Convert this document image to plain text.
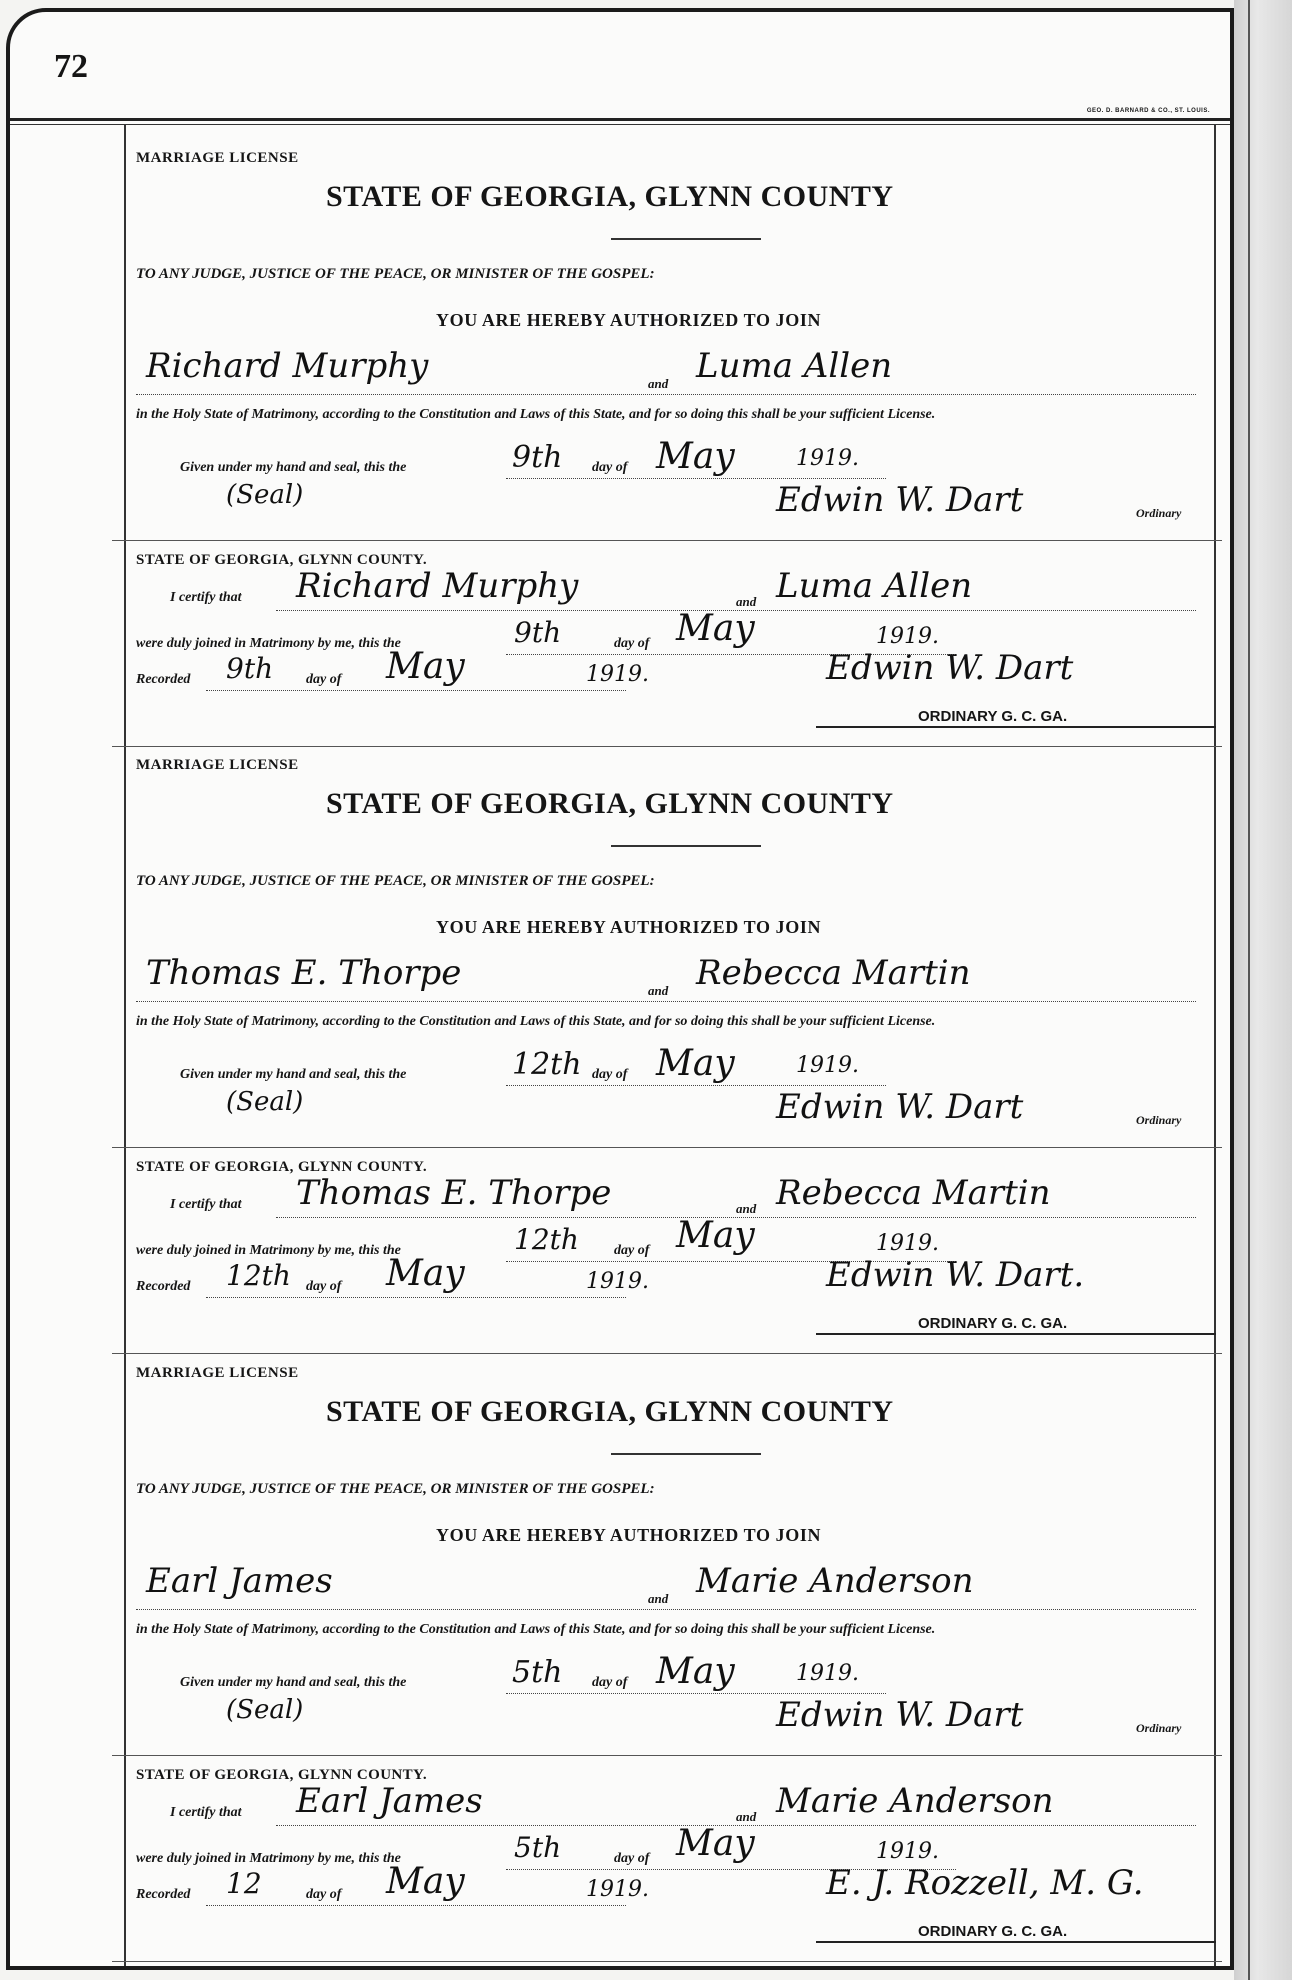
72
GEO. D. BARNARD & CO., ST. LOUIS.
MARRIAGE LICENSE
STATE OF GEORGIA, GLYNN COUNTY
TO ANY JUDGE, JUSTICE OF THE PEACE, OR MINISTER OF THE GOSPEL:
YOU ARE HEREBY AUTHORIZED TO JOIN
Richard Murphy	and Luma Allen
in the Holy State of Matrimony, according to the Constitution and Laws of this State, and for so doing this shall be your sufficient License.
Given under my hand and seal, this the	9th day of May	1919.
(Seal)	Edwin W. Dart	Ordinary
STATE OF GEORGIA, GLYNN COUNTY.
I certify that Richard Murphy	and Luma Allen
were duly joined in Matrimony by me, this the	9th	day of May	1919.
Recorded 9th day of May	1919.	Edwin W. Dart
ORDINARY G. C. GA.
MARRIAGE LICENSE
STATE OF GEORGIA, GLYNN COUNTY
TO ANY JUDGE, JUSTICE OF THE PEACE, OR MINISTER OF THE GOSPEL:
YOU ARE HEREBY AUTHORIZED TO JOIN
Thomas E. Thorpe	and Rebecca Martin
in the Holy State of Matrimony, according to the Constitution and Laws of this State, and for so doing this shall be your sufficient License.
Given under my hand and seal, this the	12th day of May	1919.
(Seal)	Edwin W. Dart	Ordinary
STATE OF GEORGIA, GLYNN COUNTY.
I certify that Thomas E. Thorpe	and Rebecca Martin
were duly joined in Matrimony by me, this the	12th	day of May	1919.
Recorded 12th day of May	1919.	Edwin W. Dart.
ORDINARY G. C. GA.
MARRIAGE LICENSE
STATE OF GEORGIA, GLYNN COUNTY
TO ANY JUDGE, JUSTICE OF THE PEACE, OR MINISTER OF THE GOSPEL:
YOU ARE HEREBY AUTHORIZED TO JOIN
Earl James	and Marie Anderson
in the Holy State of Matrimony, according to the Constitution and Laws of this State, and for so doing this shall be your sufficient License.
Given under my hand and seal, this the	5th day of May	1919.
(Seal)	Edwin W. Dart	Ordinary
STATE OF GEORGIA, GLYNN COUNTY.
I certify that Earl James	and Marie Anderson
were duly joined in Matrimony by me, this the	5th	day of May	1919.
Recorded 12	day of May	1919.	E. J. Rozzell, M. G.
ORDINARY G. C. GA.
